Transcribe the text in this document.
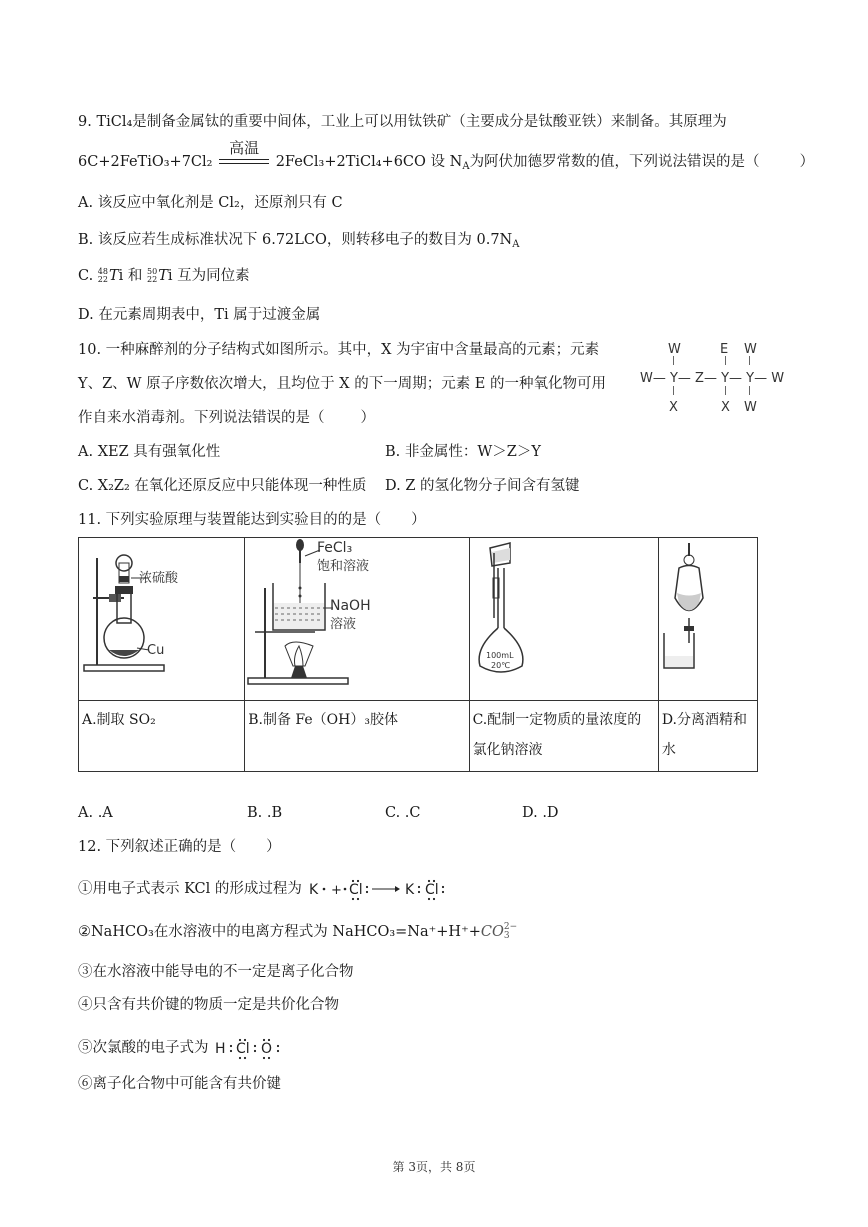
9. TiCl₄是制备金属钛的重要中间体，工业上可以用钛铁矿（主要成分是钛酸亚铁）来制备。其原理为
6C+2FeTiO₃+7Cl₂
高温
2FeCl₃+2TiCl₄+6CO 设 $N_A$为阿伏加德罗常数的值，下列说法错误的是（	）
A. 该反应中氧化剂是 Cl₂，还原剂只有 C
B. 该反应若生成标准状况下 6.72LCO，则转移电子的数目为 $0.7N_A$
C. 48
22Ti 和 50
22Ti 互为同位素
D. 在元素周期表中，Ti 属于过渡金属
10. 一种麻醉剂的分子结构式如图所示。其中，X 为宇宙中含量最高的元素；元素
Y、Z、W 原子序数依次增大，且均位于 X 的下一周期；元素 E 的一种氧化物可用
作自来水消毒剂。下列说法错误的是（ ）
W	E W
|	| |
W— Y— Z— Y— Y— W
|	| |
X	X W
A. XEZ 具有强氧化性	B. 非金属性：W＞Z＞Y
C. X₂Z₂ 在氧化还原反应中只能体现一种性质 D. Z 的氢化物分子间含有氢键
11. 下列实验原理与装置能达到实验目的的是（ ）
浓硫酸
Cu	FeCl₃
饱和溶液
NaOH
溶液	100mL
20℃

A.制取 SO₂	B.制备 Fe（OH）₃胶体	C.配制一定物质的量浓度的氯化钠溶液	D.分离酒精和水
A. .A	B. .B	C. .C	D. .D
12. 下列叙述正确的是（ ）
①用电子式表示 KCl 的形成过程为 K + Cl	K Cl
②NaHCO₃在水溶液中的电离方程式为 NaHCO₃=Na⁺+H⁺+CO2−
3
③在水溶液中能导电的不一定是离子化合物
④只含有共价键的物质一定是共价化合物
⑤次氯酸的电子式为 H Cl O
⑥离子化合物中可能含有共价键
第 3页，共 8页
